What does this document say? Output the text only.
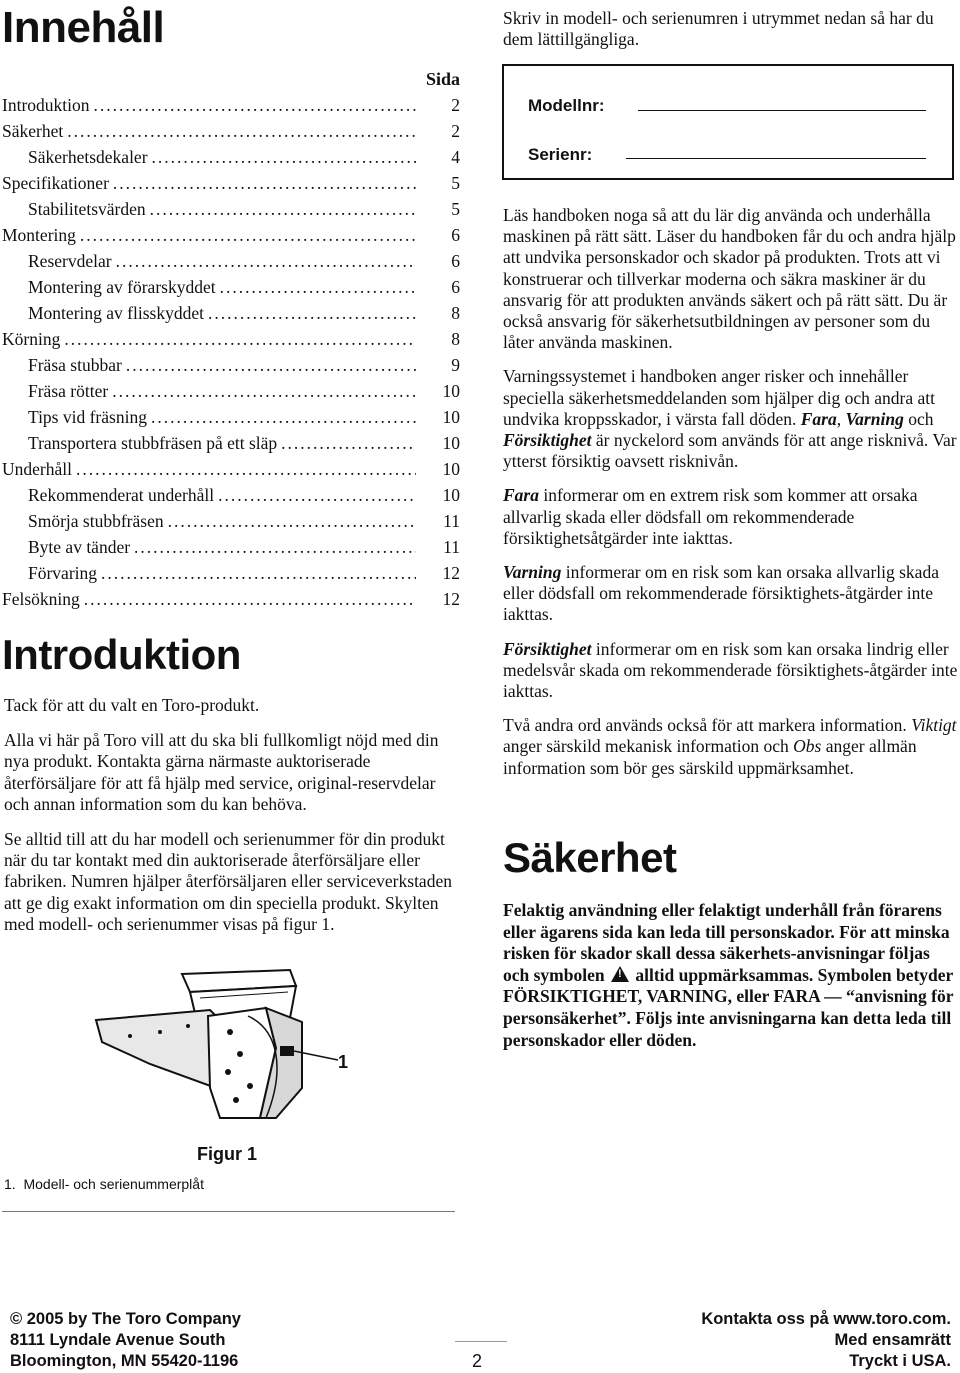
Innehåll
Sida
Introduktion .....	2
Säkerhet .....	2
Säkerhetsdekaler .....	4
Specifikationer .....	5
Stabilitetsvärden .....	5
Montering .....	6
Reservdelar .....	6
Montering av förarskyddet .....	6
Montering av flisskyddet .....	8
Körning .....	8
Fräsa stubbar .....	9
Fräsa rötter .....	10
Tips vid fräsning .....	10
Transportera stubbfräsen på ett släp .....	10
Underhåll .....	10
Rekommenderat underhåll .....	10
Smörja stubbfräsen .....	11
Byte av tänder .....	11
Förvaring .....	12
Felsökning .....	12
Introduktion

Tack för att du valt en Toro-produkt.

Alla vi här på Toro vill att du ska bli fullkomligt nöjd med din nya produkt. Kontakta gärna närmaste auktoriserade återförsäljare för att få hjälp med service, original-reservdelar och annan information som du kan behöva.

Se alltid till att du har modell och serienummer för din produkt när du tar kontakt med din auktoriserade återförsäljare eller fabriken. Numren hjälper återförsäljaren eller serviceverkstaden att ge dig exakt information om din speciella produkt. Skylten med modell- och serienummer visas på figur 1.

1
Figur 1
1.  Modell- och serienummerplåt
Skriv in modell- och serienumren i utrymmet nedan så har du dem lättillgängliga.
Modellnr:
Serienr:

Läs handboken noga så att du lär dig använda och underhålla maskinen på rätt sätt. Läser du handboken får du och andra hjälp att undvika personskador och skador på produkten. Trots att vi konstruerar och tillverkar moderna och säkra maskiner är du ansvarig för att produkten används säkert och på rätt sätt. Du är också ansvarig för säkerhetsutbildningen av personer som du låter använda maskinen.

Varningssystemet i handboken anger risker och innehåller speciella säkerhetsmeddelanden som hjälper dig och andra att undvika kroppsskador, i värsta fall döden. Fara, Varning och Försiktighet är nyckelord som används för att ange risknivå. Var ytterst försiktig oavsett risknivån.

Fara informerar om en extrem risk som kommer att orsaka allvarlig skada eller dödsfall om rekommenderade försiktighetsåtgärder inte iakttas.

Varning informerar om en risk som kan orsaka allvarlig skada eller dödsfall om rekommenderade försiktighets-åtgärder inte iakttas.

Försiktighet informerar om en risk som kan orsaka lindrig eller medelsvår skada om rekommenderade försiktighets-åtgärder inte iakttas.

Två andra ord används också för att markera information. Viktigt anger särskild mekanisk information och Obs anger allmän information som bör ges särskild uppmärksamhet.

Säkerhet
Felaktig användning eller felaktigt underhåll från förarens eller ägarens sida kan leda till personskador. För att minska risken för skador skall dessa säkerhets-anvisningar följas och symbolen ! alltid uppmärksammas. Symbolen betyder FÖRSIKTIGHET, VARNING, eller FARA — “anvisning för personsäkerhet”. Följs inte anvisningarna kan detta leda till personskador eller döden.
© 2005 by The Toro Company
8111 Lyndale Avenue South
Bloomington, MN 55420-1196	2
Kontakta oss på www.toro.com.
Med ensamrätt
Tryckt i USA.
